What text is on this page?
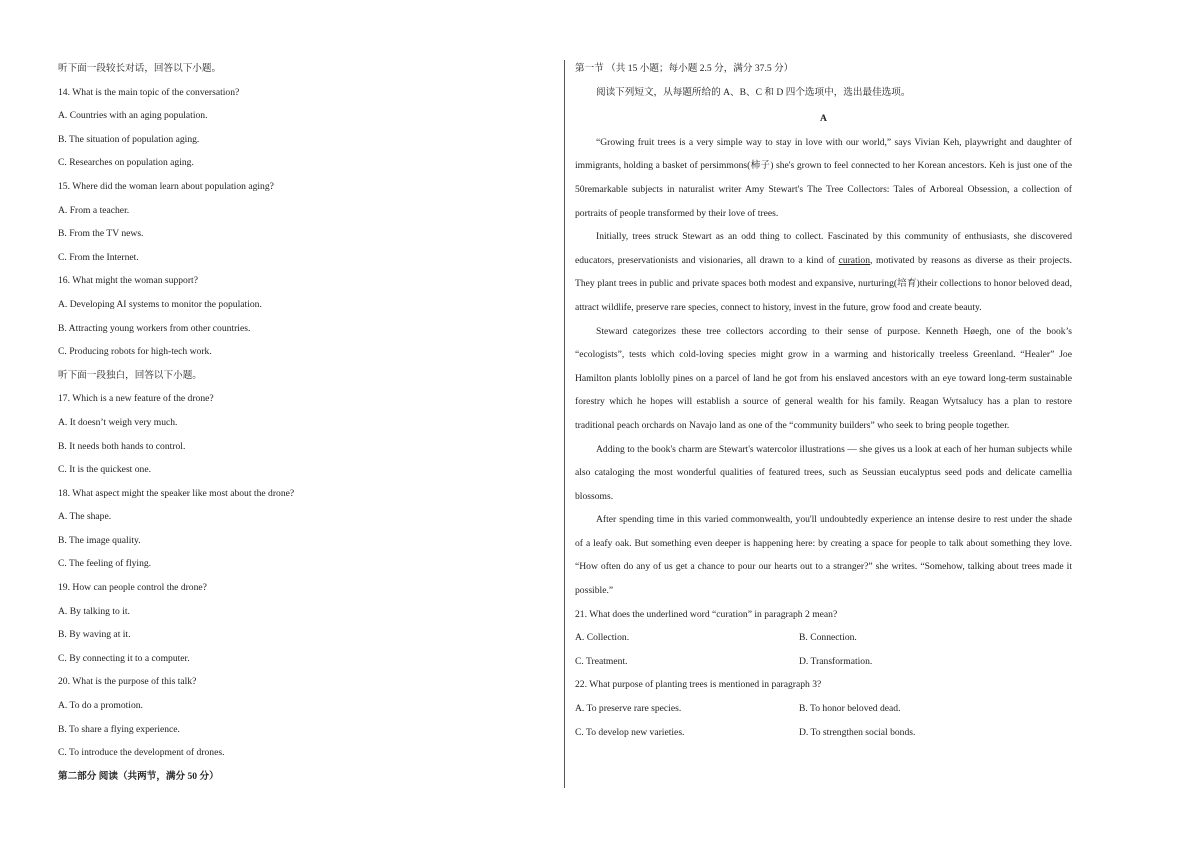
听下面一段较长对话，回答以下小题。
14. What is the main topic of the conversation?
A. Countries with an aging population.
B. The situation of population aging.
C. Researches on population aging.
15. Where did the woman learn about population aging?
A. From a teacher.
B. From the TV news.
C. From the Internet.
16. What might the woman support?
A. Developing AI systems to monitor the population.
B. Attracting young workers from other countries.
C. Producing robots for high-tech work.
听下面一段独白，回答以下小题。
17. Which is a new feature of the drone?
A. It doesn’t weigh very much.
B. It needs both hands to control.
C. It is the quickest one.
18. What aspect might the speaker like most about the drone?
A. The shape.
B. The image quality.
C. The feeling of flying.
19. How can people control the drone?
A. By talking to it.
B. By waving at it.
C. By connecting it to a computer.
20. What is the purpose of this talk?
A. To do a promotion.
B. To share a flying experience.
C. To introduce the development of drones.
第二部分 阅读（共两节，满分 50 分）
第一节 （共 15 小题；每小题 2.5 分，满分 37.5 分）
阅读下列短文，从每题所给的 A、B、C 和 D 四个选项中，选出最佳选项。
A

“Growing fruit trees is a very simple way to stay in love with our world,” says Vivian Keh, playwright and daughter of immigrants, holding a basket of persimmons(柿子) she's grown to feel connected to her Korean ancestors. Keh is just one of the 50remarkable subjects in naturalist writer Amy Stewart's The Tree Collectors: Tales of Arboreal Obsession, a collection of portraits of people transformed by their love of trees.

Initially, trees struck Stewart as an odd thing to collect. Fascinated by this community of enthusiasts, she discovered educators, preservationists and visionaries, all drawn to a kind of curation, motivated by reasons as diverse as their projects. They plant trees in public and private spaces both modest and expansive, nurturing(培育)their collections to honor beloved dead, attract wildlife, preserve rare species, connect to history, invest in the future, grow food and create beauty.

Steward categorizes these tree collectors according to their sense of purpose. Kenneth Høegh, one of the book’s “ecologists”, tests which cold-loving species might grow in a warming and historically treeless Greenland. “Healer” Joe Hamilton plants loblolly pines on a parcel of land he got from his enslaved ancestors with an eye toward long-term sustainable forestry which he hopes will establish a source of general wealth for his family. Reagan Wytsalucy has a plan to restore traditional peach orchards on Navajo land as one of the “community builders” who seek to bring people together.

Adding to the book's charm are Stewart's watercolor illustrations — she gives us a look at each of her human subjects while also cataloging the most wonderful qualities of featured trees, such as Seussian eucalyptus seed pods and delicate camellia blossoms.

After spending time in this varied commonwealth, you'll undoubtedly experience an intense desire to rest under the shade of a leafy oak. But something even deeper is happening here: by creating a space for people to talk about something they love. “How often do any of us get a chance to pour our hearts out to a stranger?” she writes. “Somehow, talking about trees made it possible.”

21. What does the underlined word “curation” in paragraph 2 mean?
A. Collection.	B. Connection.
C. Treatment.	D. Transformation.
22. What purpose of planting trees is mentioned in paragraph 3?
A. To preserve rare species.	B. To honor beloved dead.
C. To develop new varieties.	D. To strengthen social bonds.
